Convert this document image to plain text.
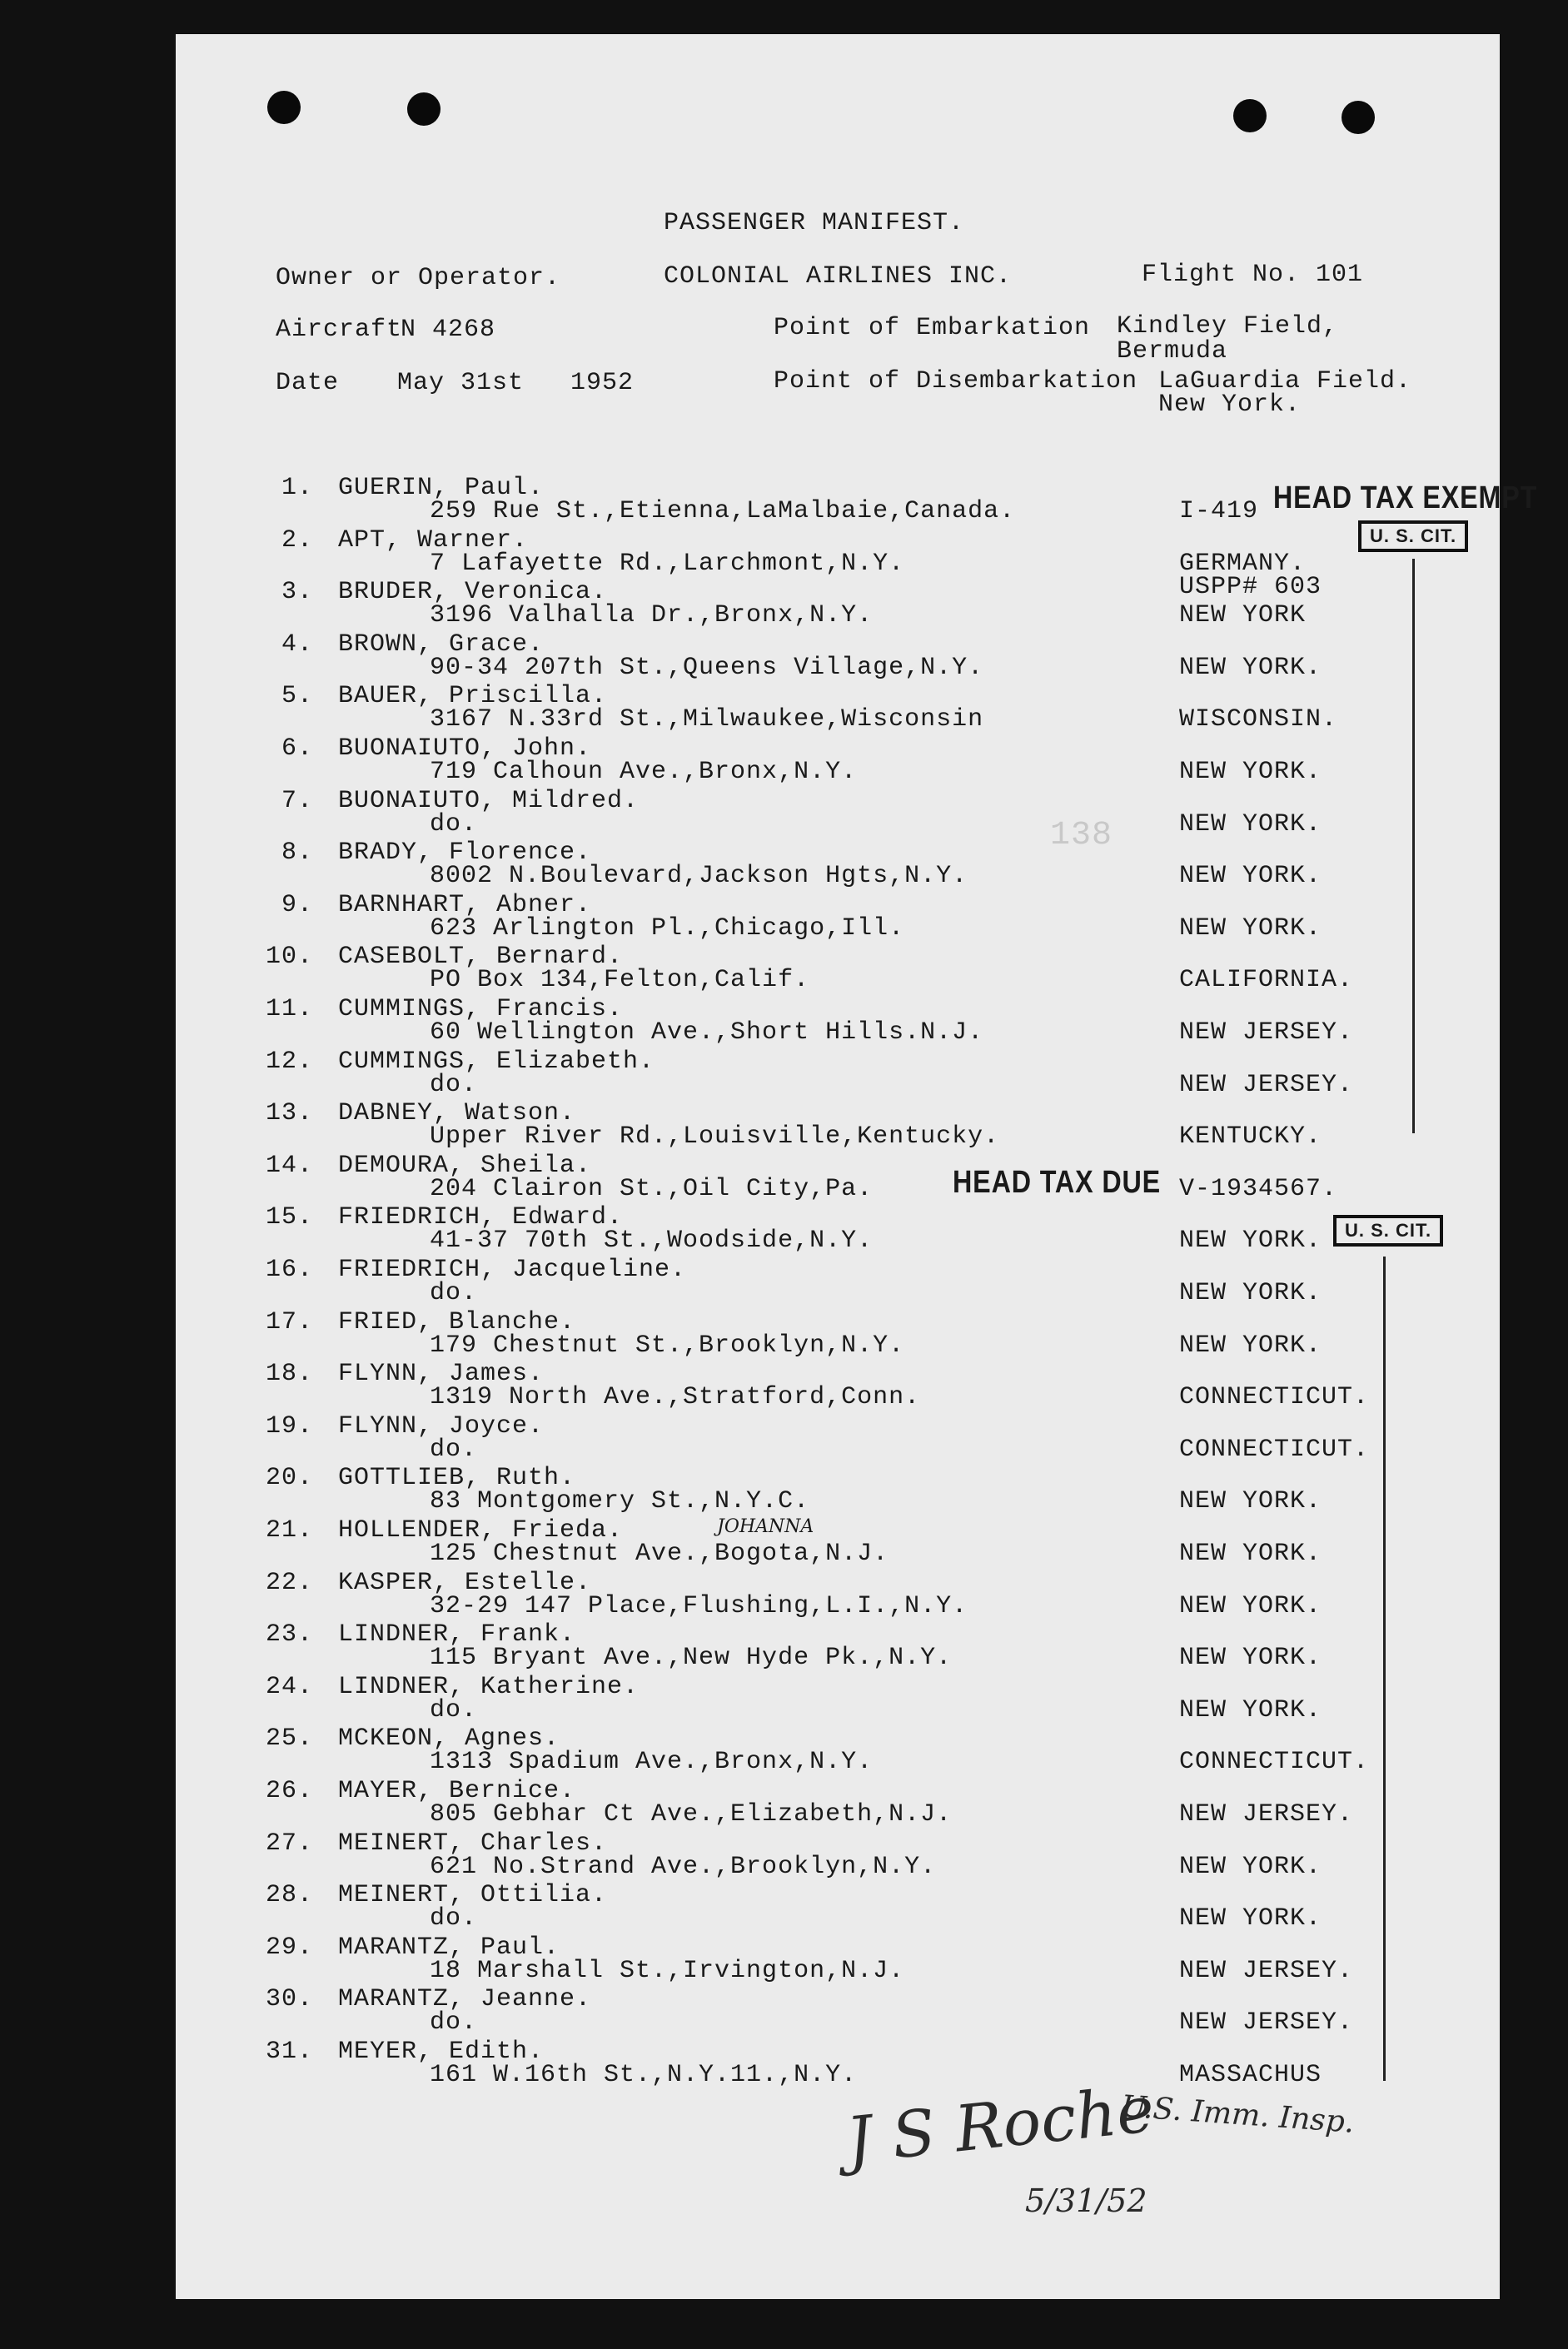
PASSENGER MANIFEST.
Owner or Operator.	COLONIAL AIRLINES INC.	Flight No. 101
Aircraft
N 4268	Point of Embarkation Kindley Field,
Bermuda
Date May 31st 1952	Point of Disembarkation LaGuardia Field.
New York.
1. GUERIN, Paul.
259 Rue St.,Etienna,LaMalbaie,Canada.	I-419
2. APT, Warner.
7 Lafayette Rd.,Larchmont,N.Y.	GERMANY.
USPP# 603
3. BRUDER, Veronica.
3196 Valhalla Dr.,Bronx,N.Y.	NEW YORK
4. BROWN, Grace.
90-34 207th St.,Queens Village,N.Y.	NEW YORK.
5. BAUER, Priscilla.
3167 N.33rd St.,Milwaukee,Wisconsin	WISCONSIN.
6. BUONAIUTO, John.
719 Calhoun Ave.,Bronx,N.Y.	NEW YORK.
7. BUONAIUTO, Mildred.
do.	NEW YORK.
8. BRADY, Florence.
8002 N.Boulevard,Jackson Hgts,N.Y.	NEW YORK.
9. BARNHART, Abner.
623 Arlington Pl.,Chicago,Ill.	NEW YORK.
10. CASEBOLT, Bernard.
PO Box 134,Felton,Calif.	CALIFORNIA.
11. CUMMINGS, Francis.
60 Wellington Ave.,Short Hills.N.J.	NEW JERSEY.
12. CUMMINGS, Elizabeth.
do.	NEW JERSEY.
13. DABNEY, Watson.
Upper River Rd.,Louisville,Kentucky.	KENTUCKY.
14. DEMOURA, Sheila.
204 Clairon St.,Oil City,Pa.	V-1934567.
15. FRIEDRICH, Edward.
41-37 70th St.,Woodside,N.Y.	NEW YORK.
16. FRIEDRICH, Jacqueline.
do.	NEW YORK.
17. FRIED, Blanche.
179 Chestnut St.,Brooklyn,N.Y.	NEW YORK.
18. FLYNN, James.
1319 North Ave.,Stratford,Conn.	CONNECTICUT.
19. FLYNN, Joyce.
do.	CONNECTICUT.
20. GOTTLIEB, Ruth.
83 Montgomery St.,N.Y.C.	NEW YORK.
21. HOLLENDER, Frieda.
125 Chestnut Ave.,Bogota,N.J.	NEW YORK.
22. KASPER, Estelle.
32-29 147 Place,Flushing,L.I.,N.Y.	NEW YORK.
23. LINDNER, Frank.
115 Bryant Ave.,New Hyde Pk.,N.Y.	NEW YORK.
24. LINDNER, Katherine.
do.	NEW YORK.
25. MCKEON, Agnes.
1313 Spadium Ave.,Bronx,N.Y.	CONNECTICUT.
26. MAYER, Bernice.
805 Gebhar Ct Ave.,Elizabeth,N.J.	NEW JERSEY.
27. MEINERT, Charles.
621 No.Strand Ave.,Brooklyn,N.Y.	NEW YORK.
28. MEINERT, Ottilia.
do.	NEW YORK.
29. MARANTZ, Paul.
18 Marshall St.,Irvington,N.J.	NEW JERSEY.
30. MARANTZ, Jeanne.
do.	NEW JERSEY.
31. MEYER, Edith.
161 W.16th St.,N.Y.11.,N.Y.	MASSACHUS
HEAD TAX EXEMPT
U. S. CIT.
U. S. CIT.
HEAD TAX DUE
138
JOHANNA
J S Roche
U.S. Imm. Insp.
5/31/52
